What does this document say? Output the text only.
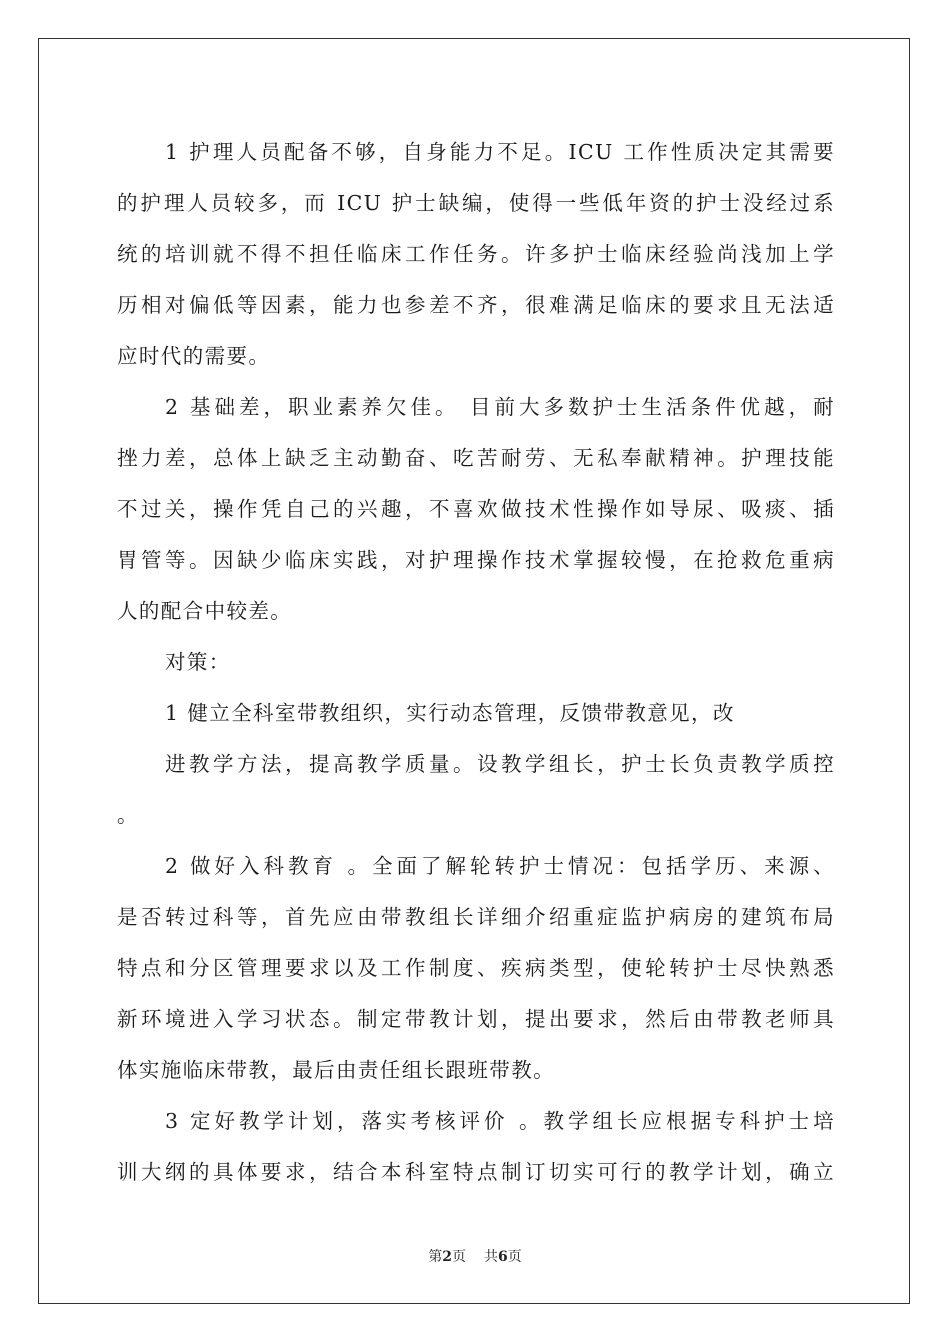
1 护理人员配备不够，自身能力不足。ICU 工作性质决定其需要
的护理人员较多，而 ICU 护士缺编，使得一些低年资的护士没经过系
统的培训就不得不担任临床工作任务。许多护士临床经验尚浅加上学
历相对偏低等因素，能力也参差不齐，很难满足临床的要求且无法适
应时代的需要。

2 基础差，职业素养欠佳。 目前大多数护士生活条件优越，耐
挫力差，总体上缺乏主动勤奋、吃苦耐劳、无私奉献精神。护理技能
不过关，操作凭自己的兴趣，不喜欢做技术性操作如导尿、吸痰、插
胃管等。因缺少临床实践，对护理操作技术掌握较慢，在抢救危重病
人的配合中较差。

对策：

1 健立全科室带教组织，实行动态管理，反馈带教意见，改
进教学方法，提高教学质量。设教学组长，护士长负责教学质控
。

2 做好入科教育 。全面了解轮转护士情况：包括学历、来源、
是否转过科等，首先应由带教组长详细介绍重症监护病房的建筑布局
特点和分区管理要求以及工作制度、疾病类型，使轮转护士尽快熟悉
新环境进入学习状态。制定带教计划，提出要求，然后由带教老师具
体实施临床带教，最后由责任组长跟班带教。

3 定好教学计划，落实考核评价 。教学组长应根据专科护士培
训大纲的具体要求，结合本科室特点制订切实可行的教学计划，确立

第2页 共6页
